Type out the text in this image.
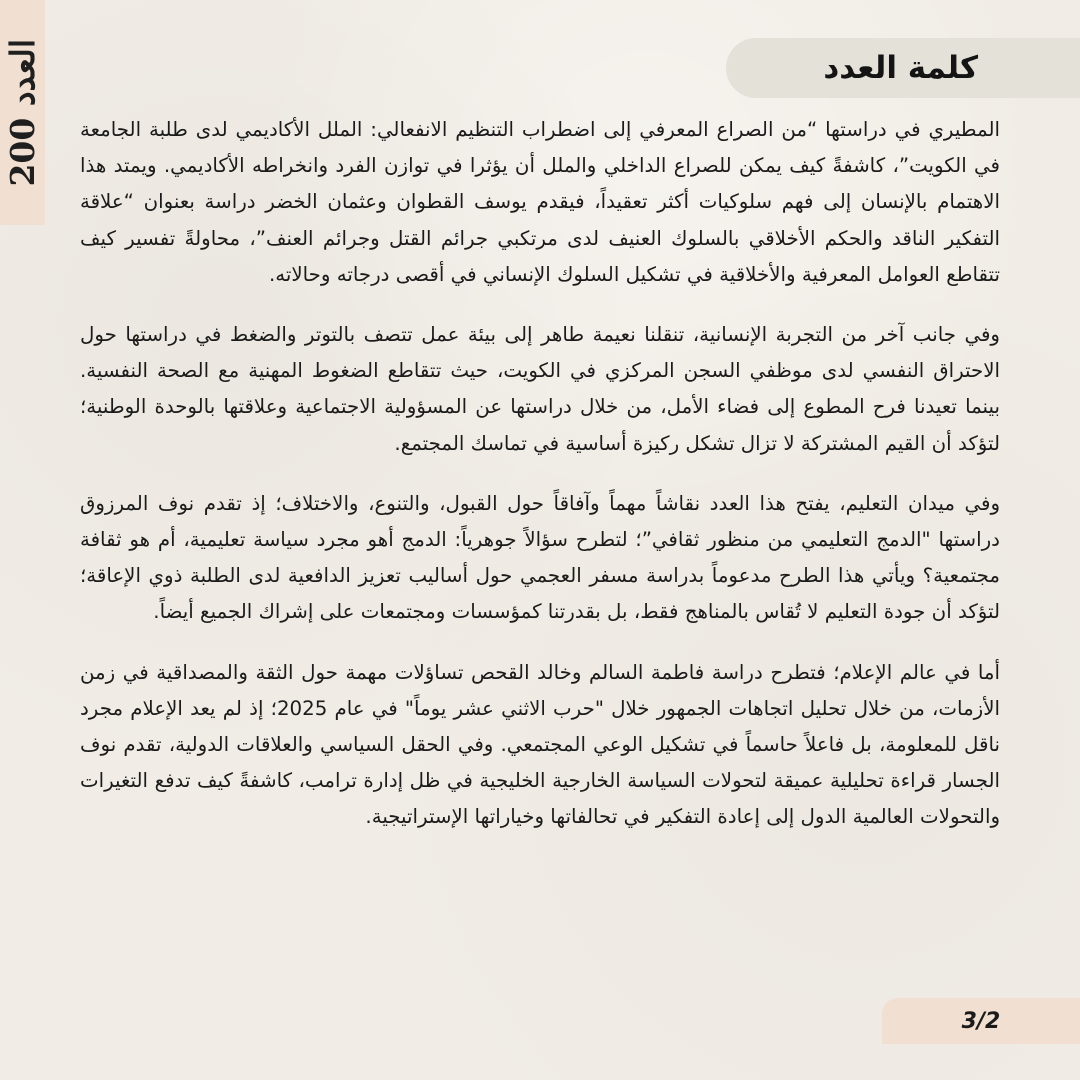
العدد 200	كلمة العدد

المطيري في دراستها “من الصراع المعرفي إلى اضطراب التنظيم الانفعالي: الملل الأكاديمي لدى طلبة الجامعة في الكويت”، كاشفةً كيف يمكن للصراع الداخلي والملل أن يؤثرا في توازن الفرد وانخراطه الأكاديمي. ويمتد هذا الاهتمام بالإنسان إلى فهم سلوكيات أكثر تعقيداً، فيقدم يوسف القطوان وعثمان الخضر دراسة بعنوان “علاقة التفكير الناقد والحكم الأخلاقي بالسلوك العنيف لدى مرتكبي جرائم القتل وجرائم العنف”، محاولةً تفسير كيف تتقاطع العوامل المعرفية والأخلاقية في تشكيل السلوك الإنساني في أقصى درجاته وحالاته.

وفي جانب آخر من التجربة الإنسانية، تنقلنا نعيمة طاهر إلى بيئة عمل تتصف بالتوتر والضغط في دراستها حول الاحتراق النفسي لدى موظفي السجن المركزي في الكويت، حيث تتقاطع الضغوط المهنية مع الصحة النفسية. بينما تعيدنا فرح المطوع إلى فضاء الأمل، من خلال دراستها عن المسؤولية الاجتماعية وعلاقتها بالوحدة الوطنية؛ لتؤكد أن القيم المشتركة لا تزال تشكل ركيزة أساسية في تماسك المجتمع.

وفي ميدان التعليم، يفتح هذا العدد نقاشاً مهماً وآفاقاً حول القبول، والتنوع، والاختلاف؛ إذ تقدم نوف المرزوق دراستها "الدمج التعليمي من منظور ثقافي”؛ لتطرح سؤالاً جوهرياً: الدمج أهو مجرد سياسة تعليمية، أم هو ثقافة مجتمعية؟ ويأتي هذا الطرح مدعوماً بدراسة مسفر العجمي حول أساليب تعزيز الدافعية لدى الطلبة ذوي الإعاقة؛ لتؤكد أن جودة التعليم لا تُقاس بالمناهج فقط، بل بقدرتنا كمؤسسات ومجتمعات على إشراك الجميع أيضاً.

أما في عالم الإعلام؛ فتطرح دراسة فاطمة السالم وخالد القحص تساؤلات مهمة حول الثقة والمصداقية في زمن الأزمات، من خلال تحليل اتجاهات الجمهور خلال "حرب الاثني عشر يوماً" في عام 2025؛ إذ لم يعد الإعلام مجرد ناقل للمعلومة، بل فاعلاً حاسماً في تشكيل الوعي المجتمعي. وفي الحقل السياسي والعلاقات الدولية، تقدم نوف الجسار قراءة تحليلية عميقة لتحولات السياسة الخارجية الخليجية في ظل إدارة ترامب، كاشفةً كيف تدفع التغيرات والتحولات العالمية الدول إلى إعادة التفكير في تحالفاتها وخياراتها الإستراتيجية.

3/2
